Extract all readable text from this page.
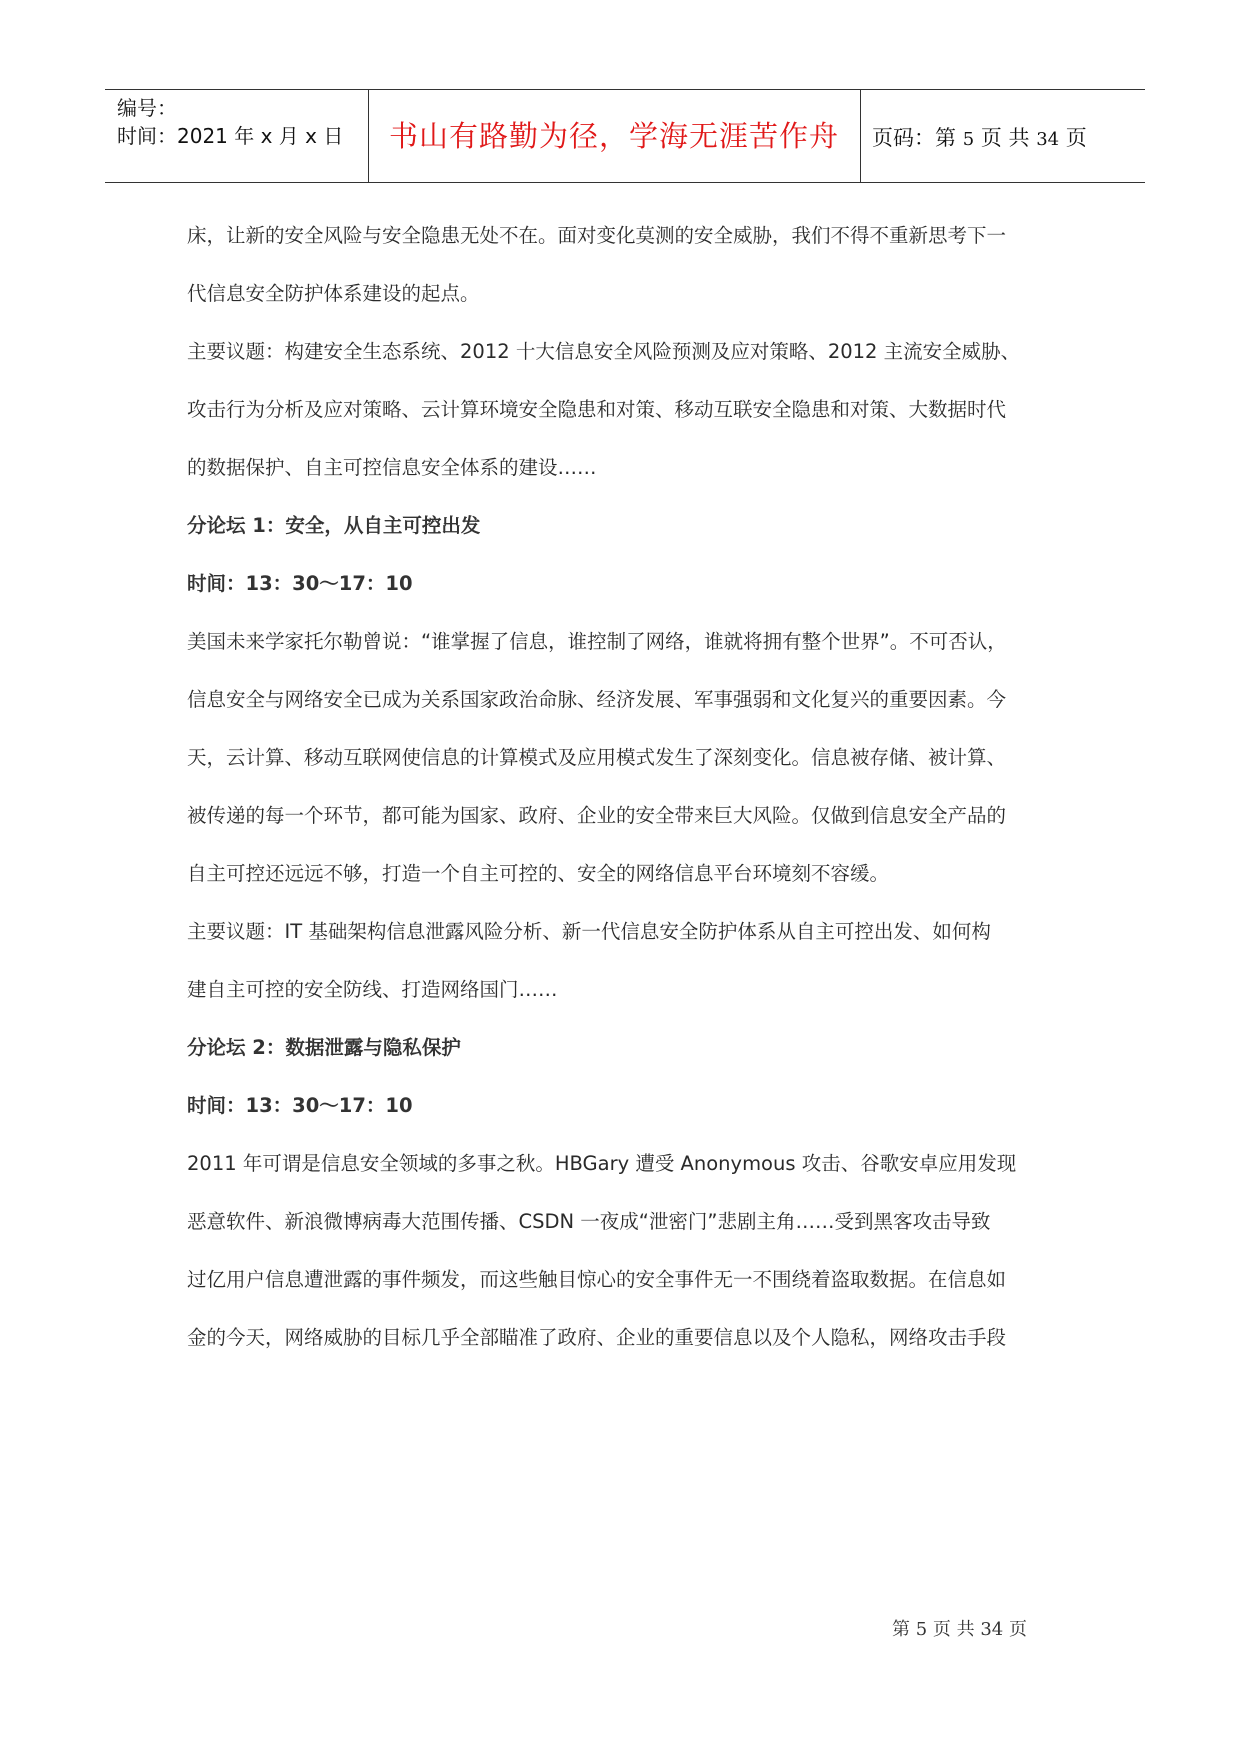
编号：
时间：2021 年 x 月 x 日	书山有路勤为径，学海无涯苦作舟	页码：第 5 页 共 34 页
床，让新的安全风险与安全隐患无处不在。面对变化莫测的安全威胁，我们不得不重新思考下一
代信息安全防护体系建设的起点。
主要议题：构建安全生态系统、2012 十大信息安全风险预测及应对策略、2012 主流安全威胁、
攻击行为分析及应对策略、云计算环境安全隐患和对策、移动互联安全隐患和对策、大数据时代
的数据保护、自主可控信息安全体系的建设……
分论坛 1：安全，从自主可控出发
时间：13：30～17：10
美国未来学家托尔勒曾说：“谁掌握了信息，谁控制了网络，谁就将拥有整个世界”。不可否认，
信息安全与网络安全已成为关系国家政治命脉、经济发展、军事强弱和文化复兴的重要因素。今
天，云计算、移动互联网使信息的计算模式及应用模式发生了深刻变化。信息被存储、被计算、
被传递的每一个环节，都可能为国家、政府、企业的安全带来巨大风险。仅做到信息安全产品的
自主可控还远远不够，打造一个自主可控的、安全的网络信息平台环境刻不容缓。
主要议题：IT 基础架构信息泄露风险分析、新一代信息安全防护体系从自主可控出发、如何构
建自主可控的安全防线、打造网络国门……
分论坛 2：数据泄露与隐私保护
时间：13：30～17：10
2011 年可谓是信息安全领域的多事之秋。HBGary 遭受 Anonymous 攻击、谷歌安卓应用发现
恶意软件、新浪微博病毒大范围传播、CSDN 一夜成“泄密门”悲剧主角……受到黑客攻击导致
过亿用户信息遭泄露的事件频发，而这些触目惊心的安全事件无一不围绕着盗取数据。在信息如
金的今天，网络威胁的目标几乎全部瞄准了政府、企业的重要信息以及个人隐私，网络攻击手段
第 5 页 共 34 页
